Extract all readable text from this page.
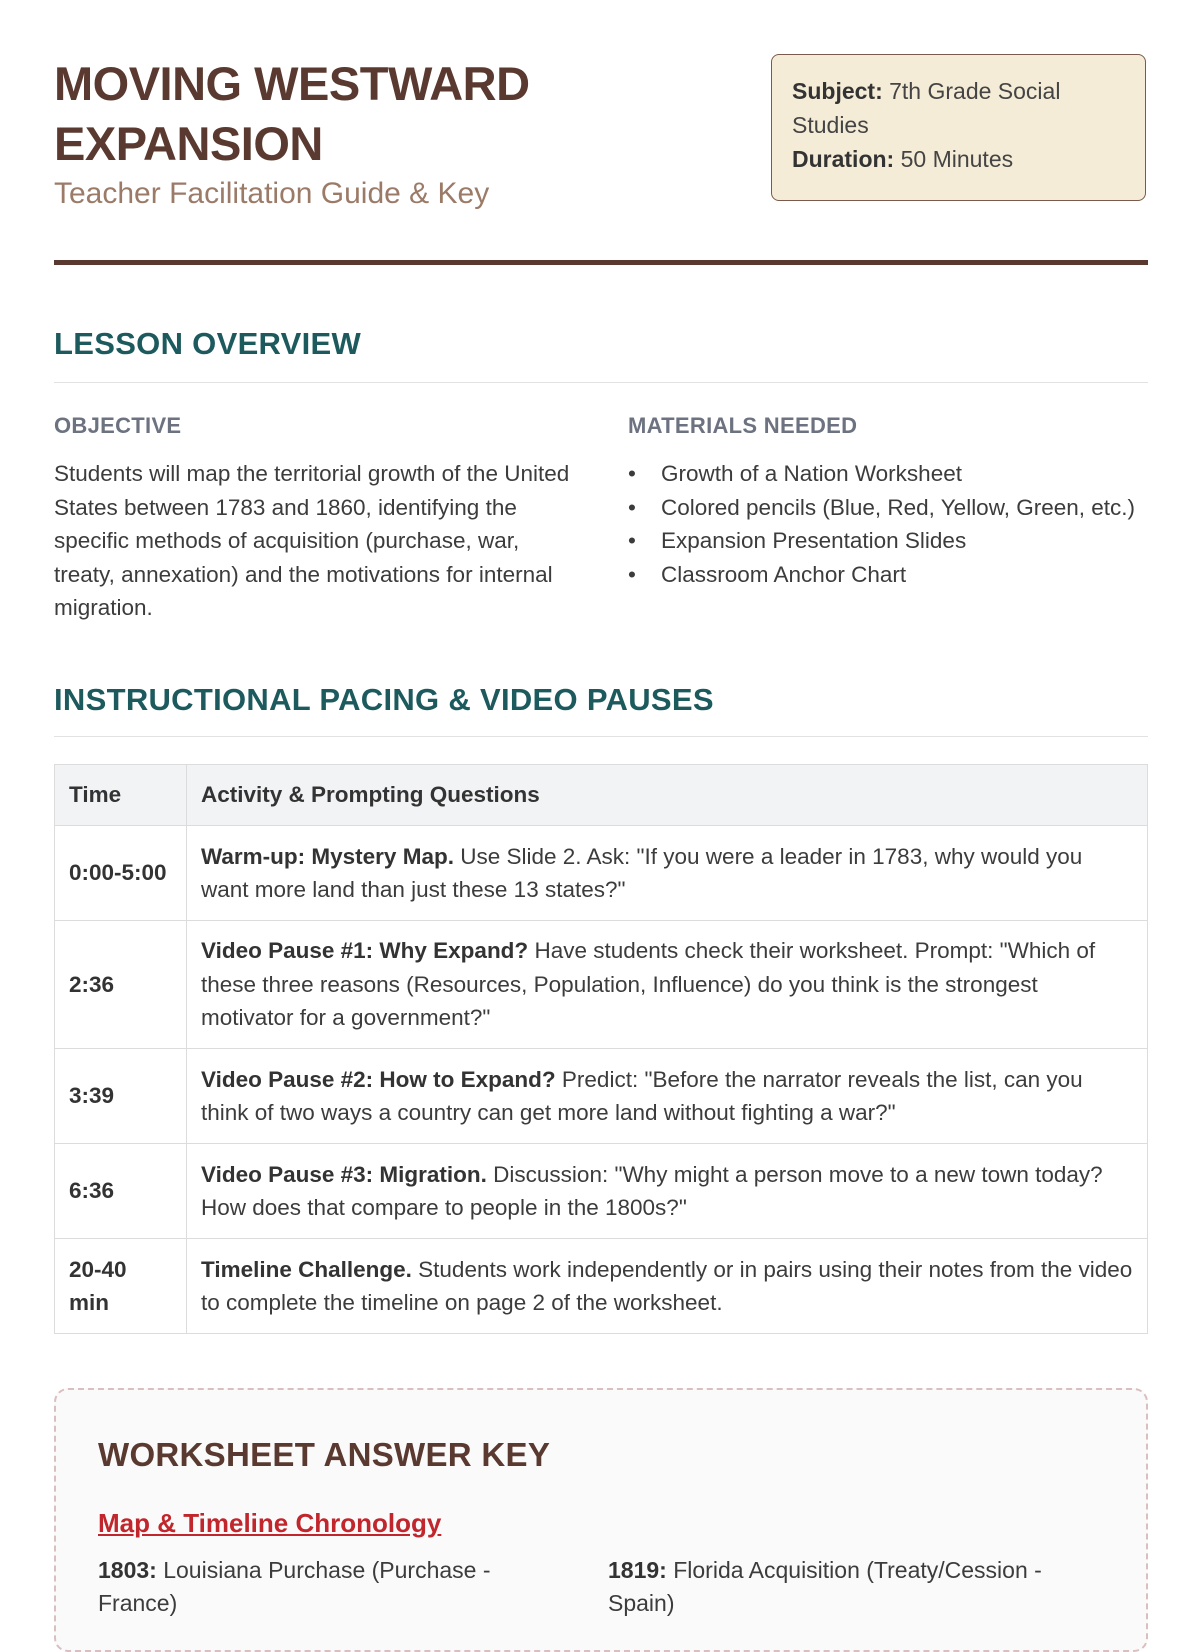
MOVING WESTWARD
EXPANSION
Teacher Facilitation Guide & Key
Subject: 7th Grade Social Studies
Duration: 50 Minutes
LESSON OVERVIEW
OBJECTIVE
Students will map the territorial growth of the United States between 1783 and 1860, identifying the specific methods of acquisition (purchase, war, treaty, annexation) and the motivations for internal migration.
MATERIALS NEEDED
• Growth of a Nation Worksheet
• Colored pencils (Blue, Red, Yellow, Green, etc.)
• Expansion Presentation Slides
• Classroom Anchor Chart
INSTRUCTIONAL PACING & VIDEO PAUSES
Time	Activity & Prompting Questions
0:00-5:00	Warm-up: Mystery Map. Use Slide 2. Ask: "If you were a leader in 1783, why would you want more land than just these 13 states?"
2:36	Video Pause #1: Why Expand? Have students check their worksheet. Prompt: "Which of these three reasons (Resources, Population, Influence) do you think is the strongest motivator for a government?"
3:39	Video Pause #2: How to Expand? Predict: "Before the narrator reveals the list, can you think of two ways a country can get more land without fighting a war?"
6:36	Video Pause #3: Migration. Discussion: "Why might a person move to a new town today? How does that compare to people in the 1800s?"
20-40 min	Timeline Challenge. Students work independently or in pairs using their notes from the video to complete the timeline on page 2 of the worksheet.
WORKSHEET ANSWER KEY
Map & Timeline Chronology
1803: Louisiana Purchase (Purchase - France)
1819: Florida Acquisition (Treaty/Cession - Spain)
